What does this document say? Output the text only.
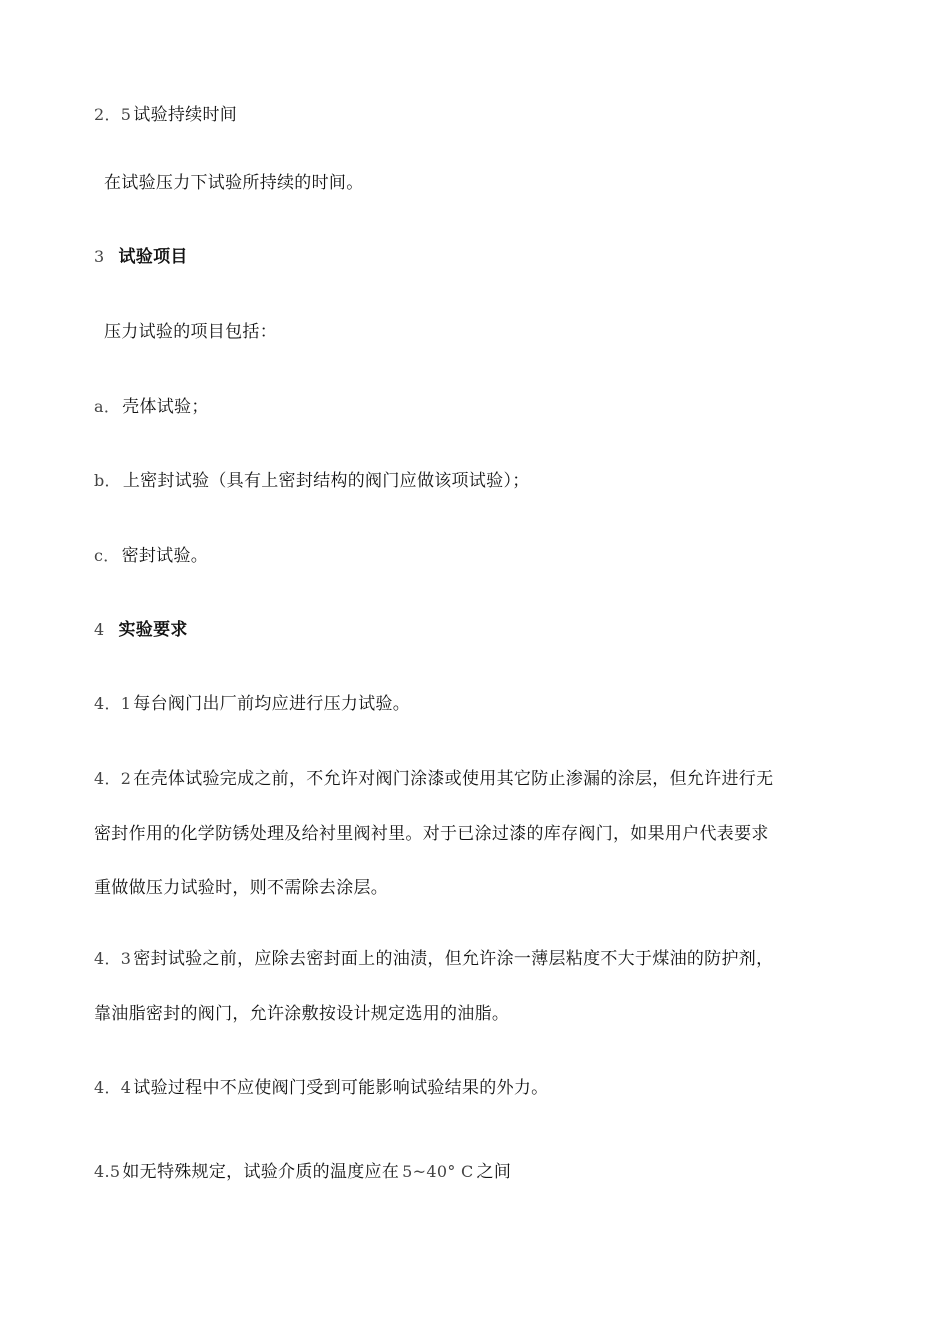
2．5 试验持续时间
在试验压力下试验所持续的时间。
3 试验项目
压力试验的项目包括：
a． 壳体试验；
b． 上密封试验（具有上密封结构的阀门应做该项试验）；
c． 密封试验。
4 实验要求
4．1 每台阀门出厂前均应进行压力试验。
4．2 在壳体试验完成之前，不允许对阀门涂漆或使用其它防止渗漏的涂层，但允许进行无
密封作用的化学防锈处理及给衬里阀衬里。对于已涂过漆的库存阀门，如果用户代表要求
重做做压力试验时，则不需除去涂层。
4．3 密封试验之前，应除去密封面上的油渍，但允许涂一薄层粘度不大于煤油的防护剂，
靠油脂密封的阀门，允许涂敷按设计规定选用的油脂。
4．4 试验过程中不应使阀门受到可能影响试验结果的外力。
4.5 如无特殊规定，试验介质的温度应在 5~40° C 之间
